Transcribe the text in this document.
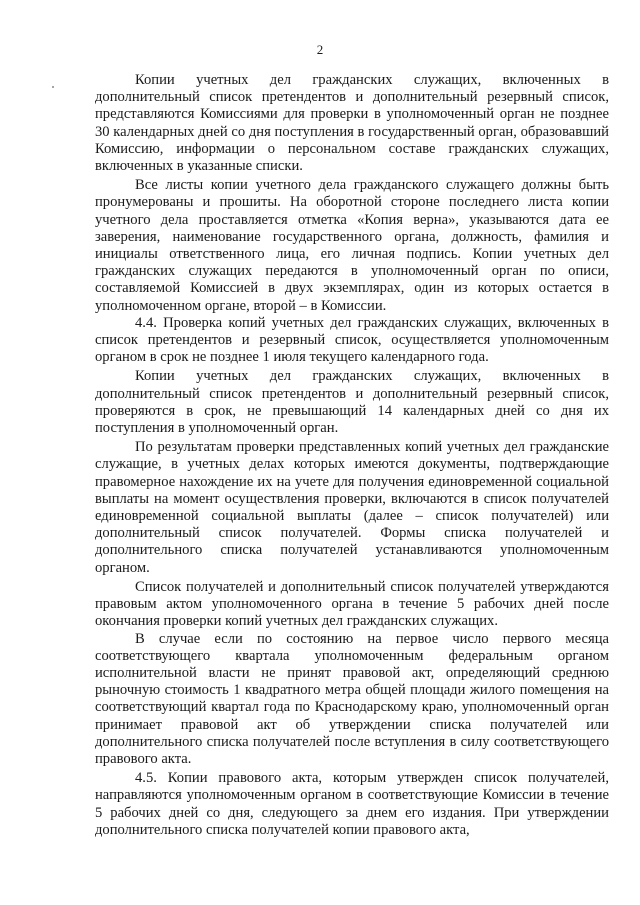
2

Копии учетных дел гражданских служащих, включенных в дополнительный список претендентов и дополнительный резервный список, представляются Комиссиями для проверки в уполномоченный орган не позднее 30 календарных дней со дня поступления в государственный орган, образовавший Комиссию, информации о персональном составе гражданских служащих, включенных в указанные списки.

Все листы копии учетного дела гражданского служащего должны быть пронумерованы и прошиты. На оборотной стороне последнего листа копии учетного дела проставляется отметка «Копия верна», указываются дата ее заверения, наименование государственного органа, должность, фамилия и инициалы ответственного лица, его личная подпись. Копии учетных дел гражданских служащих передаются в уполномоченный орган по описи, составляемой Комиссией в двух экземплярах, один из которых остается в уполномоченном органе, второй – в Комиссии.

4.4. Проверка копий учетных дел гражданских служащих, включенных в список претендентов и резервный список, осуществляется уполномоченным органом в срок не позднее 1 июля текущего календарного года.

Копии учетных дел гражданских служащих, включенных в дополнительный список претендентов и дополнительный резервный список, проверяются в срок, не превышающий 14 календарных дней со дня их поступления в уполномоченный орган.

По результатам проверки представленных копий учетных дел гражданские служащие, в учетных делах которых имеются документы, подтверждающие правомерное нахождение их на учете для получения единовременной социальной выплаты на момент осуществления проверки, включаются в список получателей единовременной социальной выплаты (далее – список получателей) или дополнительный список получателей. Формы списка получателей и дополнительного списка получателей устанавливаются уполномоченным органом.

Список получателей и дополнительный список получателей утверждаются правовым актом уполномоченного органа в течение 5 рабочих дней после окончания проверки копий учетных дел гражданских служащих.

В случае если по состоянию на первое число первого месяца соответствующего квартала уполномоченным федеральным органом исполнительной власти не принят правовой акт, определяющий среднюю рыночную стоимость 1 квадратного метра общей площади жилого помещения на соответствующий квартал года по Краснодарскому краю, уполномоченный орган принимает правовой акт об утверждении списка получателей или дополнительного списка получателей после вступления в силу соответствующего правового акта.

4.5. Копии правового акта, которым утвержден список получателей, направляются уполномоченным органом в соответствующие Комиссии в течение 5 рабочих дней со дня, следующего за днем его издания. При утверждении дополнительного списка получателей копии правового акта,
